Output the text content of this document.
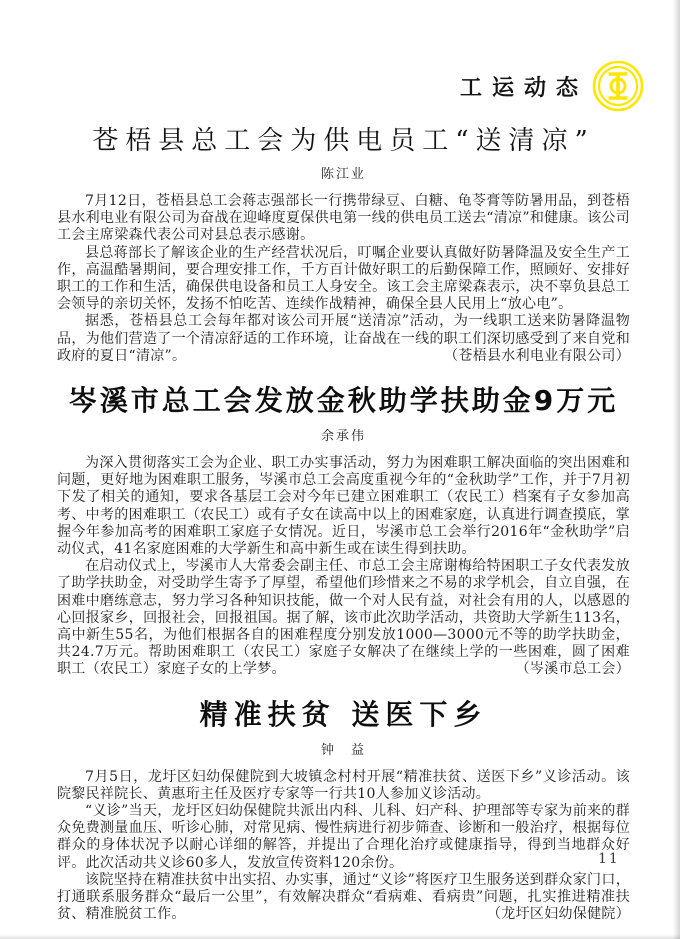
工运动态
苍梧县总工会为供电员工“送清凉”

陈江业

7月12日，苍梧县总工会蒋志强部长一行携带绿豆、白糖、龟苓膏等防暑用品，到苍梧县水利电业有限公司为奋战在迎峰度夏保供电第一线的供电员工送去“清凉”和健康。该公司工会主席梁森代表公司对县总表示感谢。

县总蒋部长了解该企业的生产经营状况后，叮嘱企业要认真做好防暑降温及安全生产工作，高温酷暑期间，要合理安排工作，千方百计做好职工的后勤保障工作，照顾好、安排好职工的工作和生活，确保供电设备和员工人身安全。该工会主席梁森表示，决不辜负县总工会领导的亲切关怀，发扬不怕吃苦、连续作战精神，确保全县人民用上“放心电”。

据悉，苍梧县总工会每年都对该公司开展“送清凉”活动，为一线职工送来防暑降温物品，为他们营造了一个清凉舒适的工作环境，让奋战在一线的职工们深切感受到了来自党和政府的夏日“清凉”。	（苍梧县水利电业有限公司）

岑溪市总工会发放金秋助学扶助金9万元

余承伟

为深入贯彻落实工会为企业、职工办实事活动，努力为困难职工解决面临的突出困难和问题，更好地为困难职工服务，岑溪市总工会高度重视今年的“金秋助学”工作，并于7月初下发了相关的通知，要求各基层工会对今年已建立困难职工（农民工）档案有子女参加高考、中考的困难职工（农民工）或有子女在读高中以上的困难家庭，认真进行调查摸底，掌握今年参加高考的困难职工家庭子女情况。近日，岑溪市总工会举行2016年“金秋助学”启动仪式，41名家庭困难的大学新生和高中新生或在读生得到扶助。

在启动仪式上，岑溪市人大常委会副主任、市总工会主席谢梅给特困职工子女代表发放了助学扶助金，对受助学生寄予了厚望，希望他们珍惜来之不易的求学机会，自立自强，在困难中磨练意志，努力学习各种知识技能，做一个对人民有益，对社会有用的人，以感恩的心回报家乡，回报社会，回报祖国。据了解，该市此次助学活动，共资助大学新生113名，高中新生55名，为他们根据各自的困难程度分别发放1000—3000元不等的助学扶助金，共24.7万元。帮助困难职工（农民工）家庭子女解决了在继续上学的一些困难，圆了困难职工（农民工）家庭子女的上学梦。	（岑溪市总工会）

精准扶贫 送医下乡

钟　益

7月5日，龙圩区妇幼保健院到大坡镇念村村开展“精准扶贫、送医下乡”义诊活动。该院黎民祥院长、黄惠珩主任及医疗专家等一行共10人参加义诊活动。

“义诊”当天，龙圩区妇幼保健院共派出内科、儿科、妇产科、护理部等专家为前来的群众免费测量血压、听诊心肺，对常见病、慢性病进行初步筛查、诊断和一般治疗，根据每位群众的身体状况予以耐心详细的解答，并提出了合理化治疗或健康指导，得到当地群众好评。此次活动共义诊60多人，发放宣传资料120余份。

该院坚持在精准扶贫中出实招、办实事，通过“义诊”将医疗卫生服务送到群众家门口，打通联系服务群众“最后一公里”，有效解决群众“看病难、看病贵”问题，扎实推进精准扶贫、精准脱贫工作。	（龙圩区妇幼保健院）

11
